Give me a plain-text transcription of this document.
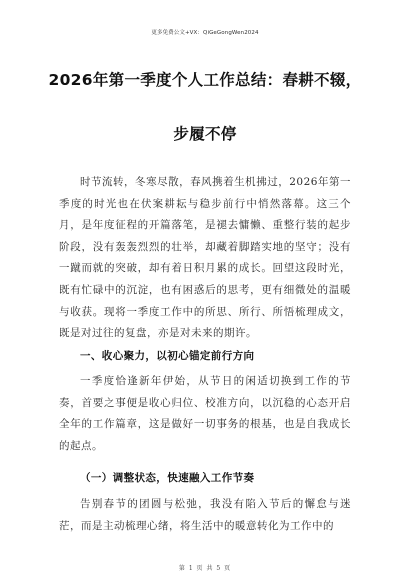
更多免费公文+VX：QiGeGongWen2024
2026年第一季度个人工作总结：春耕不辍，
步履不停

时节流转，冬寒尽散，春风携着生机拂过，2026年第一季度的时光也在伏案耕耘与稳步前行中悄然落幕。这三个月，是年度征程的开篇落笔，是褪去慵懒、重整行装的起步阶段，没有轰轰烈烈的壮举，却藏着脚踏实地的坚守；没有一蹴而就的突破，却有着日积月累的成长。回望这段时光，既有忙碌中的沉淀，也有困惑后的思考，更有细微处的温暖与收获。现将一季度工作中的所思、所行、所悟梳理成文，既是对过往的复盘，亦是对未来的期许。

一、收心聚力，以初心锚定前行方向

一季度恰逢新年伊始，从节日的闲适切换到工作的节奏，首要之事便是收心归位、校准方向，以沉稳的心态开启全年的工作篇章，这是做好一切事务的根基，也是自我成长的起点。

（一）调整状态，快速融入工作节奏

告别春节的团圆与松弛，我没有陷入节后的懈怠与迷茫，而是主动梳理心绪，将生活中的暖意转化为工作中的

第 1 页 共 5 页
